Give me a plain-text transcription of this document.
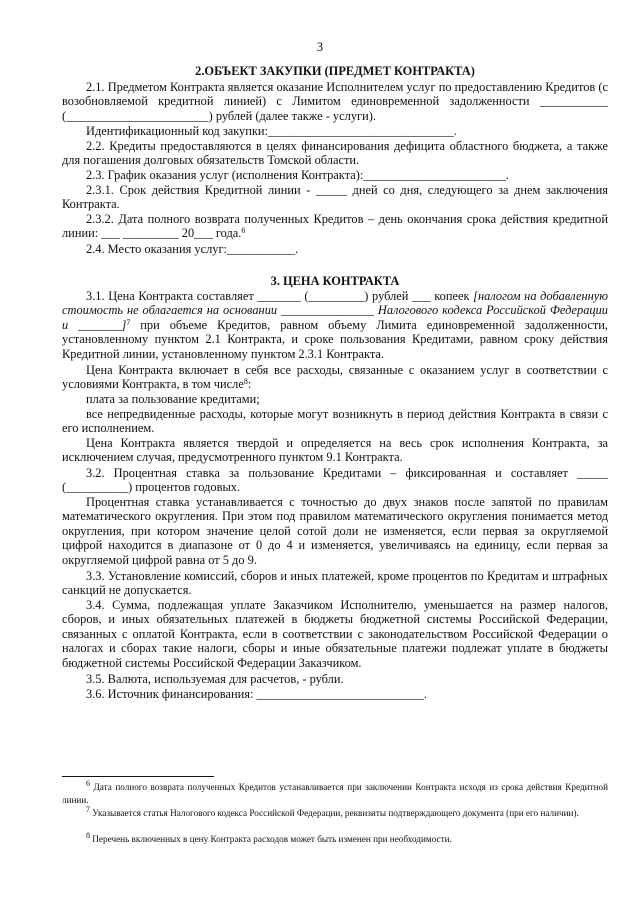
3
2.ОБЪЕКТ ЗАКУПКИ (ПРЕДМЕТ КОНТРАКТА)
2.1. Предметом Контракта является оказание Исполнителем услуг по предоставлению Кредитов (с возобновляемой кредитной линией) с Лимитом единовременной задолженности ___________ (_______________________) рублей (далее также - услуги).
Идентификационный код закупки:______________________________.
2.2. Кредиты предоставляются в целях финансирования дефицита областного бюджета, а также для погашения долговых обязательств Томской области.
2.3. График оказания услуг (исполнения Контракта):_______________________.
2.3.1. Срок действия Кредитной линии - _____ дней со дня, следующего за днем заключения Контракта.
2.3.2. Дата полного возврата полученных Кредитов – день окончания срока действия кредитной линии: ___ _________ 20___ года.$^6$
2.4. Место оказания услуг:___________.
3. ЦЕНА КОНТРАКТА
3.1. Цена Контракта составляет _______ (_________) рублей ___ копеек [налогом на добавленную стоимость не облагается на основании _______________ Налогового кодекса Российской Федерации и _______]$^7$ при объеме Кредитов, равном объему Лимита единовременной задолженности, установленному пунктом 2.1 Контракта, и сроке пользования Кредитами, равном сроку действия Кредитной линии, установленному пунктом 2.3.1 Контракта.
Цена Контракта включает в себя все расходы, связанные с оказанием услуг в соответствии с условиями Контракта, в том числе$^8$:
плата за пользование кредитами;
все непредвиденные расходы, которые могут возникнуть в период действия Контракта в связи с его исполнением.
Цена Контракта является твердой и определяется на весь срок исполнения Контракта, за исключением случая, предусмотренного пунктом 9.1 Контракта.
3.2. Процентная ставка за пользование Кредитами – фиксированная и составляет _____ (__________) процентов годовых.
Процентная ставка устанавливается с точностью до двух знаков после запятой по правилам математического округления. При этом под правилом математического округления понимается метод округления, при котором значение целой сотой доли не изменяется, если первая за округляемой цифрой находится в диапазоне от 0 до 4 и изменяется, увеличиваясь на единицу, если первая за округляемой цифрой равна от 5 до 9.
3.3. Установление комиссий, сборов и иных платежей, кроме процентов по Кредитам и штрафных санкций не допускается.
3.4. Сумма, подлежащая уплате Заказчиком Исполнителю, уменьшается на размер налогов, сборов, и иных обязательных платежей в бюджеты бюджетной системы Российской Федерации, связанных с оплатой Контракта, если в соответствии с законодательством Российской Федерации о налогах и сборах такие налоги, сборы и иные обязательные платежи подлежат уплате в бюджеты бюджетной системы Российской Федерации Заказчиком.
3.5. Валюта, используемая для расчетов, - рубли.
3.6. Источник финансирования: ___________________________.
$^6$ Дата полного возврата полученных Кредитов устанавливается при заключении Контракта исходя из срока действия Кредитной линии.
$^7$ Указывается статья Налогового кодекса Российской Федерации, реквизиты подтверждающего документа (при его наличии).
$^8$ Перечень включенных в цену Контракта расходов может быть изменен при необходимости.
